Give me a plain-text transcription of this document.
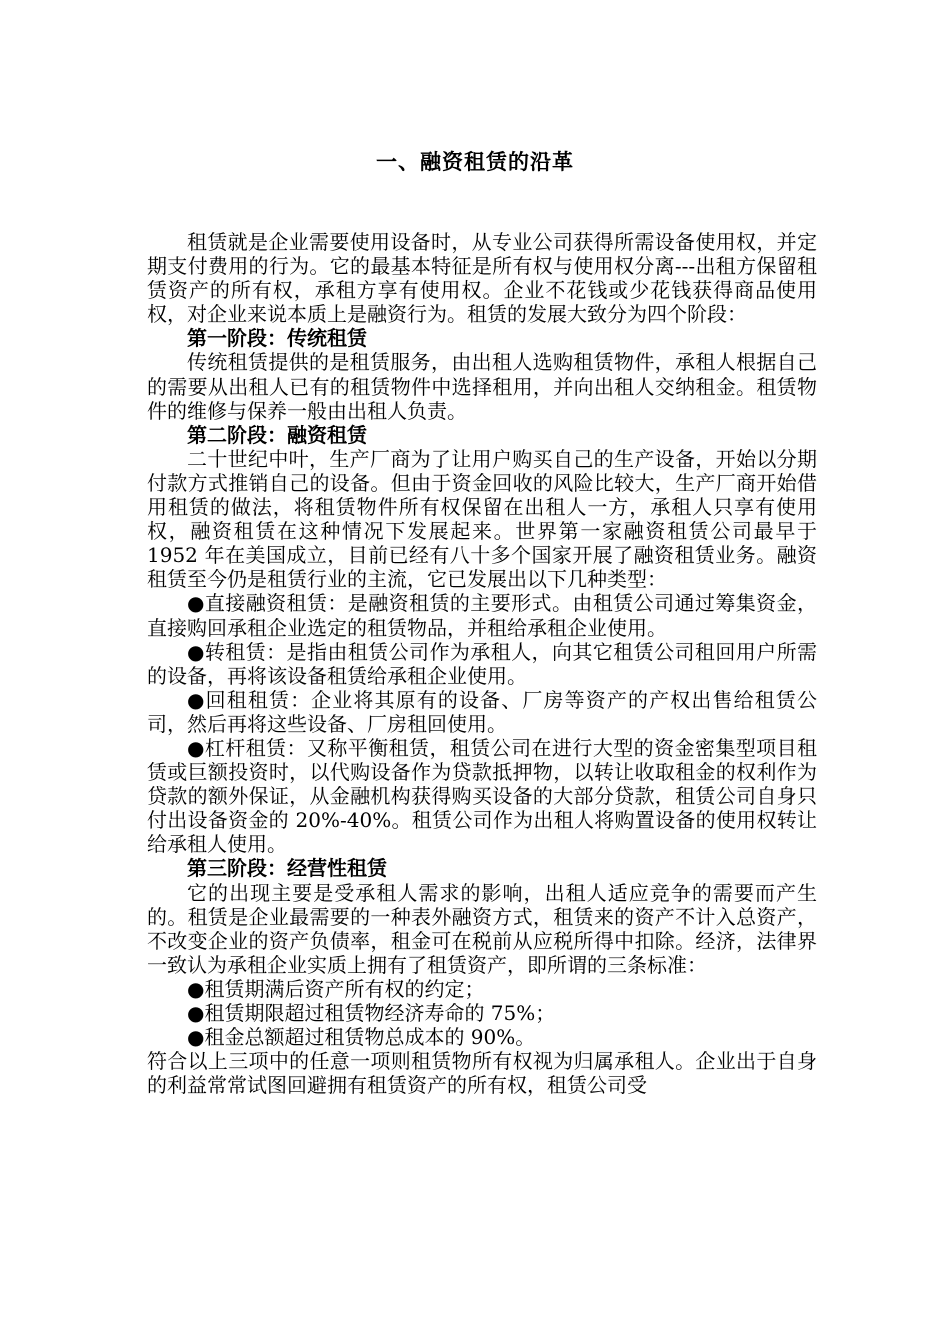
一、融资租赁的沿革

租赁就是企业需要使用设备时，从专业公司获得所需设备使用权，并定期支付费用的行为。它的最基本特征是所有权与使用权分离---出租方保留租赁资产的所有权，承租方享有使用权。企业不花钱或少花钱获得商品使用权，对企业来说本质上是融资行为。租赁的发展大致分为四个阶段：

第一阶段：传统租赁

传统租赁提供的是租赁服务，由出租人选购租赁物件，承租人根据自己的需要从出租人已有的租赁物件中选择租用，并向出租人交纳租金。租赁物件的维修与保养一般由出租人负责。

第二阶段：融资租赁

二十世纪中叶，生产厂商为了让用户购买自己的生产设备，开始以分期付款方式推销自己的设备。但由于资金回收的风险比较大，生产厂商开始借用租赁的做法，将租赁物件所有权保留在出租人一方，承租人只享有使用权，融资租赁在这种情况下发展起来。世界第一家融资租赁公司最早于 1952 年在美国成立，目前已经有八十多个国家开展了融资租赁业务。融资租赁至今仍是租赁行业的主流，它已发展出以下几种类型：

●直接融资租赁：是融资租赁的主要形式。由租赁公司通过筹集资金，直接购回承租企业选定的租赁物品，并租给承租企业使用。

●转租赁：是指由租赁公司作为承租人，向其它租赁公司租回用户所需的设备，再将该设备租赁给承租企业使用。

●回租租赁：企业将其原有的设备、厂房等资产的产权出售给租赁公司，然后再将这些设备、厂房租回使用。

●杠杆租赁：又称平衡租赁，租赁公司在进行大型的资金密集型项目租赁或巨额投资时，以代购设备作为贷款抵押物，以转让收取租金的权利作为贷款的额外保证，从金融机构获得购买设备的大部分贷款，租赁公司自身只付出设备资金的 20%-40%。租赁公司作为出租人将购置设备的使用权转让给承租人使用。

第三阶段：经营性租赁

它的出现主要是受承租人需求的影响，出租人适应竞争的需要而产生的。租赁是企业最需要的一种表外融资方式，租赁来的资产不计入总资产，不改变企业的资产负债率，租金可在税前从应税所得中扣除。经济，法律界一致认为承租企业实质上拥有了租赁资产，即所谓的三条标准：

●租赁期满后资产所有权的约定；

●租赁期限超过租赁物经济寿命的 75%；

●租金总额超过租赁物总成本的 90%。

符合以上三项中的任意一项则租赁物所有权视为归属承租人。企业出于自身的利益常常试图回避拥有租赁资产的所有权，租赁公司受
